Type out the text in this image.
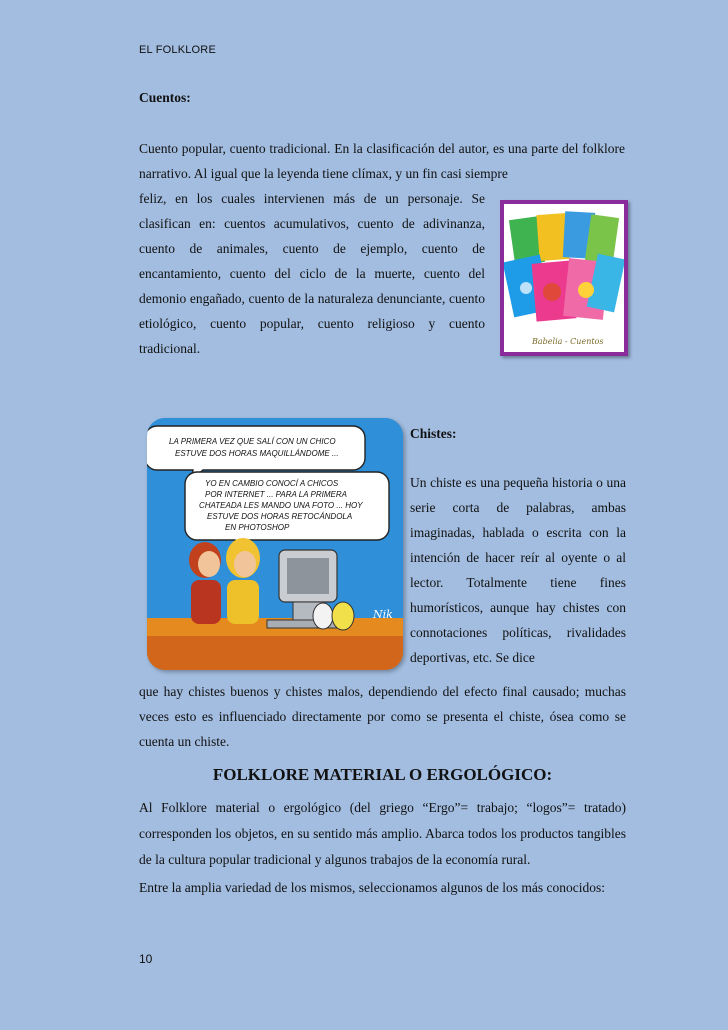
EL FOLKLORE
Cuentos:

Cuento popular, cuento tradicional. En la clasificación del autor, es una parte del folklore narrativo. Al igual que la leyenda tiene clímax, y un fin casi siempre

feliz, en los cuales intervienen más de un personaje. Se clasifican en: cuentos acumulativos, cuento de adivinanza, cuento de animales, cuento de ejemplo, cuento de encantamiento, cuento del ciclo de la muerte, cuento del demonio engañado, cuento de la naturaleza denunciante, cuento etiológico, cuento popular, cuento religioso y cuento tradicional.	Babelia - Cuentos
LA PRIMERA VEZ QUE SALÍ CON UN CHICO
ESTUVE DOS HORAS MAQUILLÁNDOME ...
YO EN CAMBIO CONOCÍ A CHICOS
POR INTERNET ... PARA LA PRIMERA
CHATEADA LES MANDO UNA FOTO ... HOY
ESTUVE DOS HORAS RETOCÁNDOLA
EN PHOTOSHOP
Nik
Chistes:

Un chiste es una pequeña historia o una serie corta de palabras, ambas imaginadas, hablada o escrita con la intención de hacer reír al oyente o al lector. Totalmente tiene fines humorísticos, aunque hay chistes con connotaciones políticas, rivalidades deportivas, etc. Se dice

que hay chistes buenos y chistes malos, dependiendo del efecto final causado; muchas veces esto es influenciado directamente por como se presenta el chiste, ósea como se cuenta un chiste.

FOLKLORE MATERIAL O ERGOLÓGICO:

Al Folklore material o ergológico (del griego “Ergo”= trabajo; “logos”= tratado) corresponden los objetos, en su sentido más amplio. Abarca todos los productos tangibles de la cultura popular tradicional y algunos trabajos de la economía rural.

Entre la amplia variedad de los mismos, seleccionamos algunos de los más conocidos:

10
